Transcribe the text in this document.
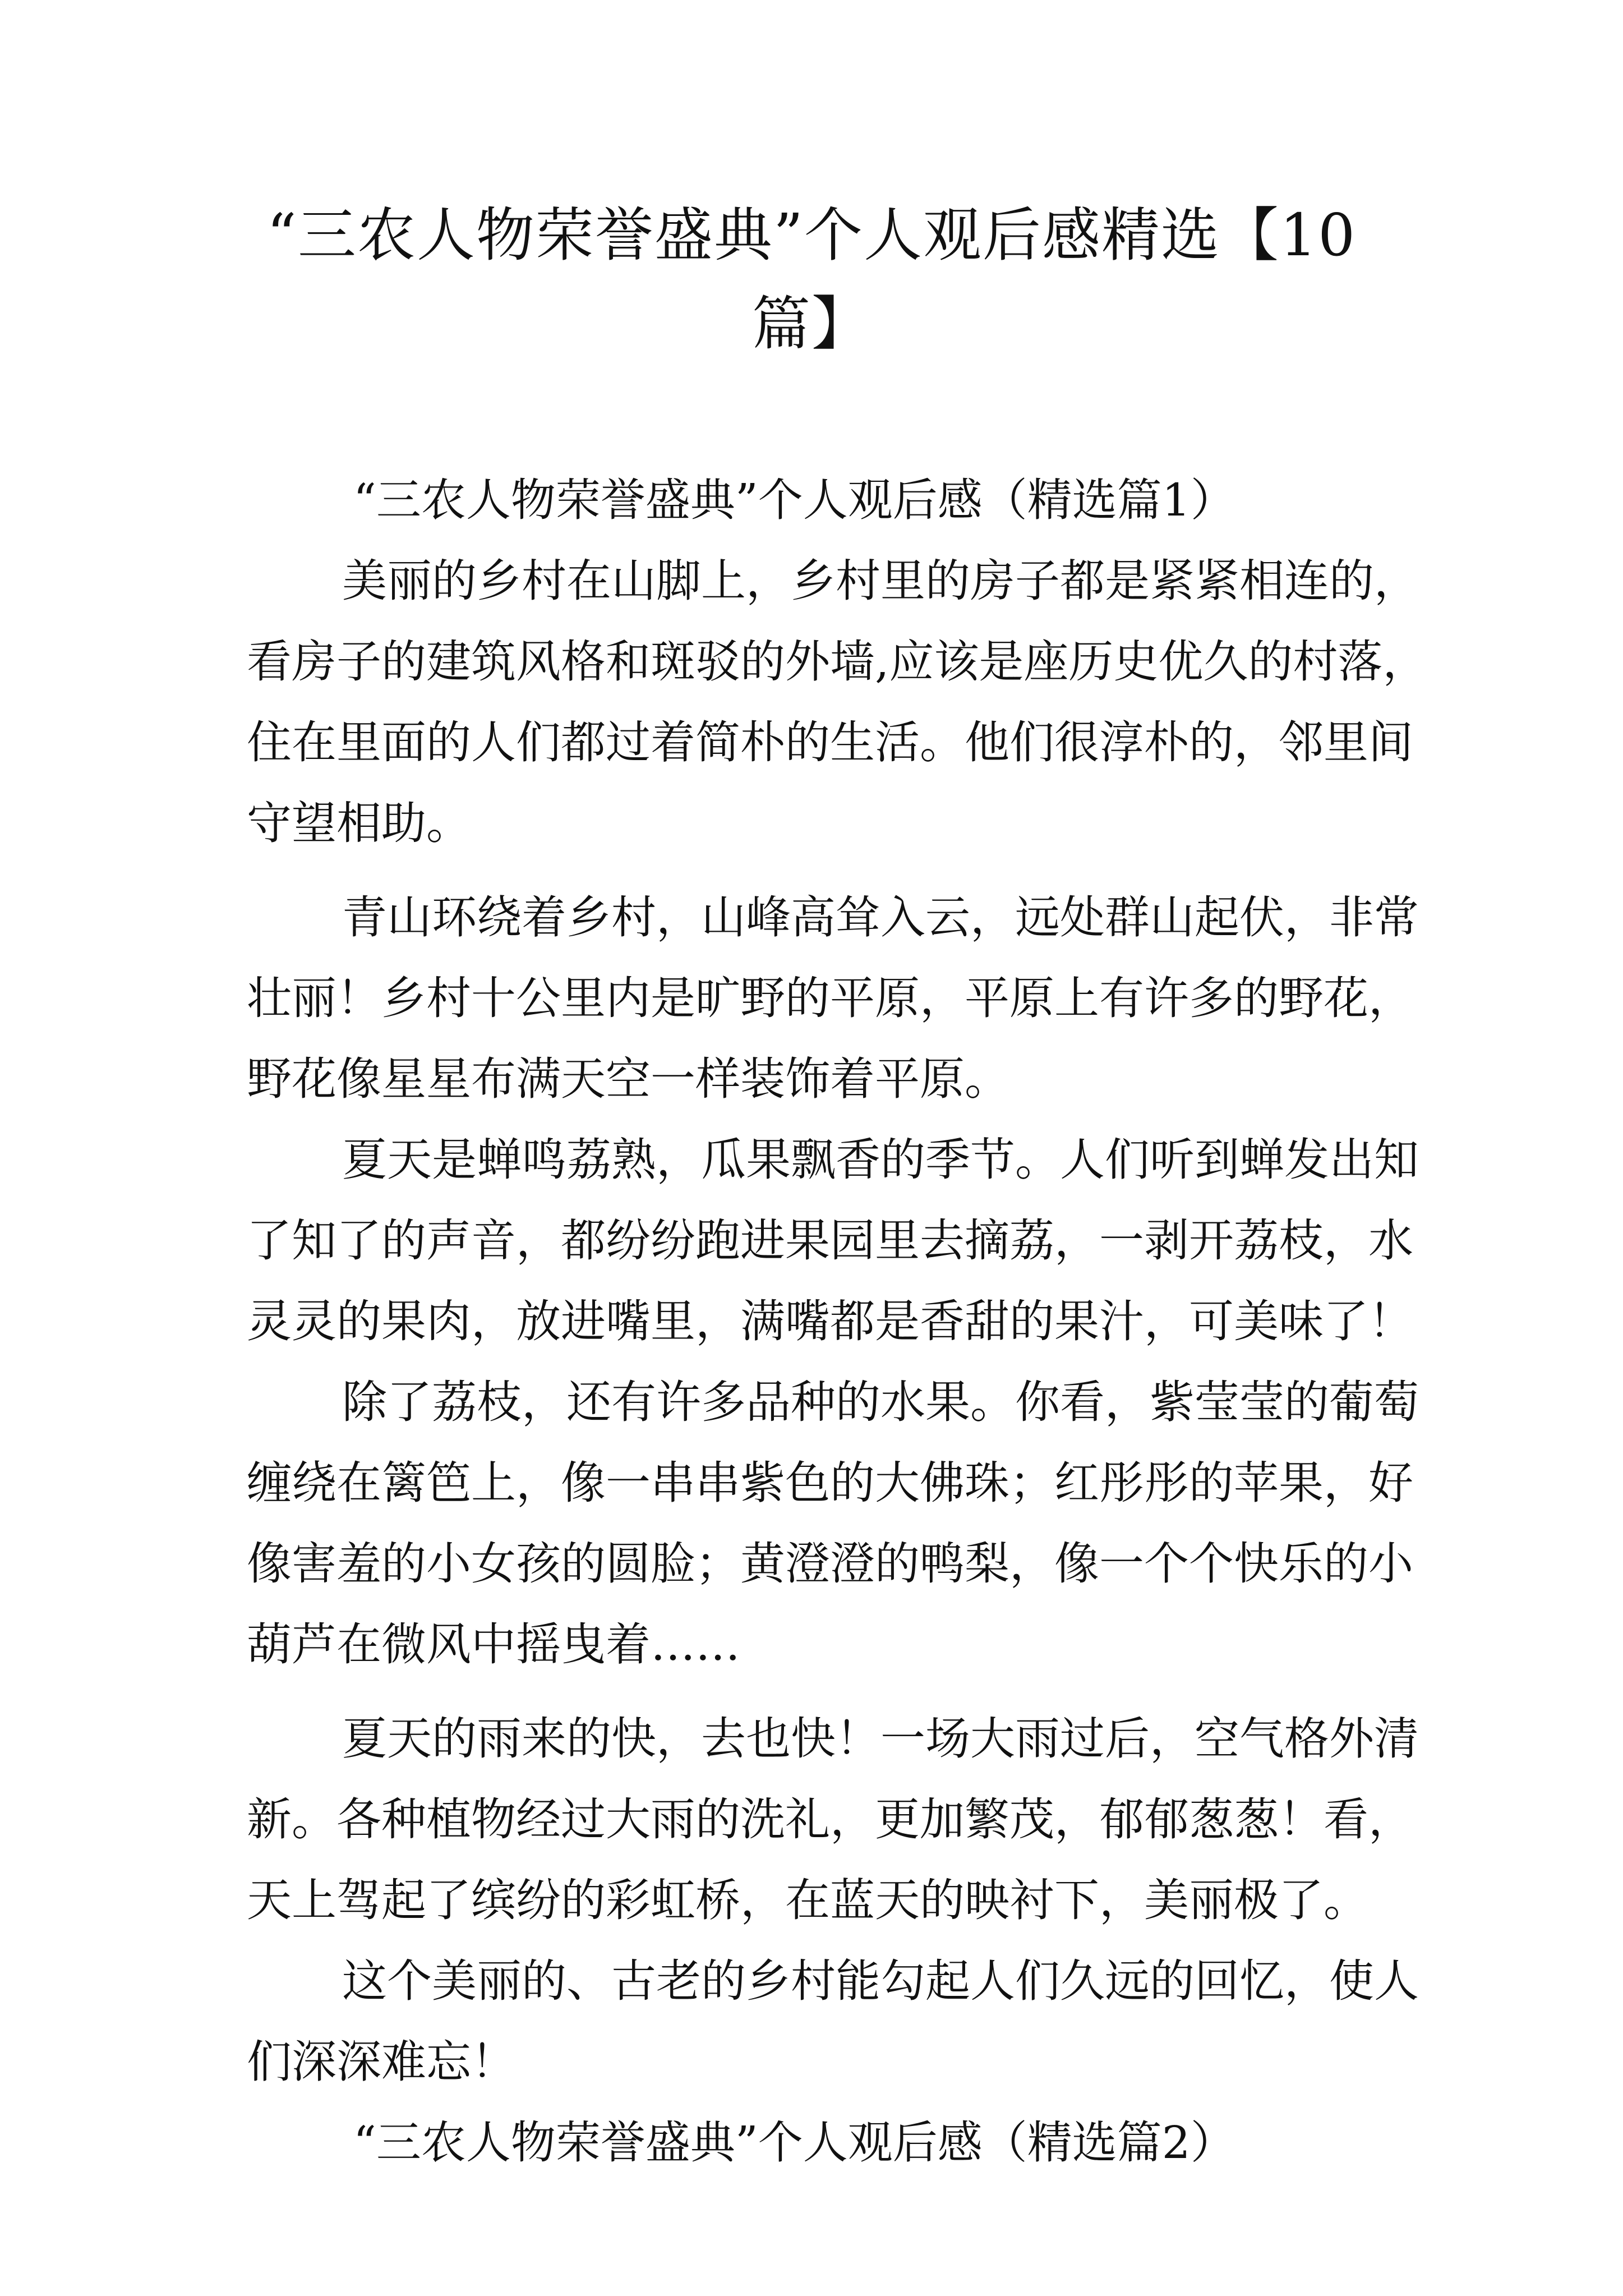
“三农人物荣誉盛典”个人观后感精选【10
篇】
“三农人物荣誉盛典”个人观后感（精选篇1）
美丽的乡村在山脚上，乡村里的房子都是紧紧相连的，
看房子的建筑风格和斑驳的外墙,应该是座历史优久的村落，
住在里面的人们都过着简朴的生活。他们很淳朴的，邻里间
守望相助。
青山环绕着乡村，山峰高耸入云，远处群山起伏，非常
壮丽！乡村十公里内是旷野的平原，平原上有许多的野花，
野花像星星布满天空一样装饰着平原。
夏天是蝉鸣荔熟，瓜果飘香的季节。人们听到蝉发出知
了知了的声音，都纷纷跑进果园里去摘荔，一剥开荔枝，水
灵灵的果肉，放进嘴里，满嘴都是香甜的果汁，可美味了！
除了荔枝，还有许多品种的水果。你看，紫莹莹的葡萄
缠绕在篱笆上，像一串串紫色的大佛珠；红彤彤的苹果，好
像害羞的小女孩的圆脸；黄澄澄的鸭梨，像一个个快乐的小
葫芦在微风中摇曳着……
夏天的雨来的快，去也快！一场大雨过后，空气格外清
新。各种植物经过大雨的洗礼，更加繁茂，郁郁葱葱！看，
天上驾起了缤纷的彩虹桥，在蓝天的映衬下，美丽极了。
这个美丽的、古老的乡村能勾起人们久远的回忆，使人
们深深难忘！
“三农人物荣誉盛典”个人观后感（精选篇2）
